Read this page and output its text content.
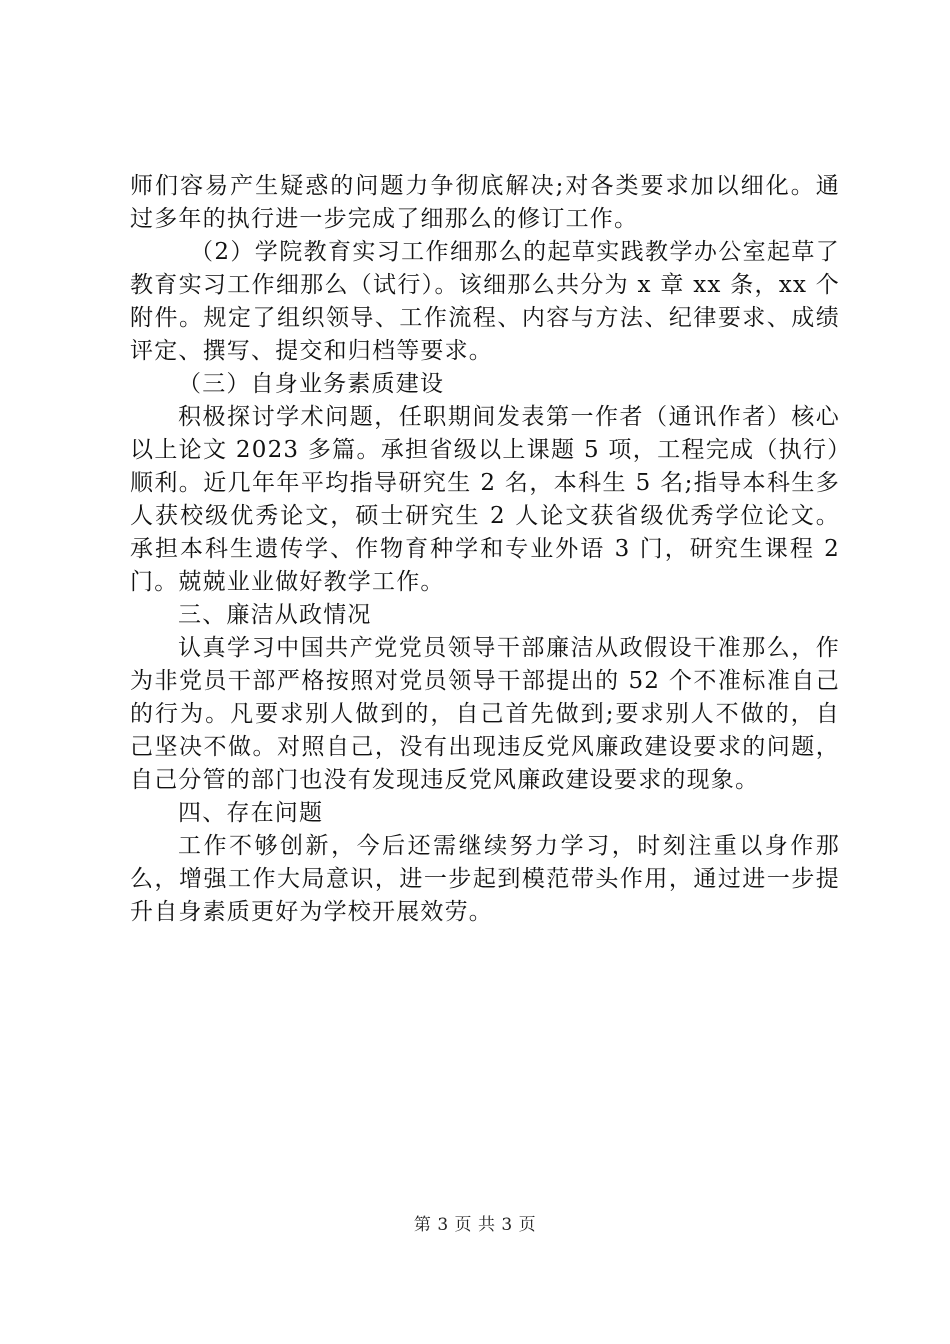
师们容易产生疑惑的问题力争彻底解决;对各类要求加以细化。通过多年的执行进一步完成了细那么的修订工作。

（2）学院教育实习工作细那么的起草实践教学办公室起草了教育实习工作细那么（试行）。该细那么共分为 x 章 xx 条，xx 个附件。规定了组织领导、工作流程、内容与方法、纪律要求、成绩评定、撰写、提交和归档等要求。

（三）自身业务素质建设

积极探讨学术问题，任职期间发表第一作者（通讯作者）核心以上论文 2023 多篇。承担省级以上课题 5 项，工程完成（执行）顺利。近几年年平均指导研究生 2 名，本科生 5 名;指导本科生多人获校级优秀论文，硕士研究生 2 人论文获省级优秀学位论文。承担本科生遗传学、作物育种学和专业外语 3 门，研究生课程 2 门。兢兢业业做好教学工作。

三、廉洁从政情况

认真学习中国共产党党员领导干部廉洁从政假设干准那么，作为非党员干部严格按照对党员领导干部提出的 52 个不准标准自己的行为。凡要求别人做到的，自己首先做到;要求别人不做的，自己坚决不做。对照自己，没有出现违反党风廉政建设要求的问题，自己分管的部门也没有发现违反党风廉政建设要求的现象。

四、存在问题

工作不够创新，今后还需继续努力学习，时刻注重以身作那么，增强工作大局意识，进一步起到模范带头作用，通过进一步提升自身素质更好为学校开展效劳。

第 3 页 共 3 页
